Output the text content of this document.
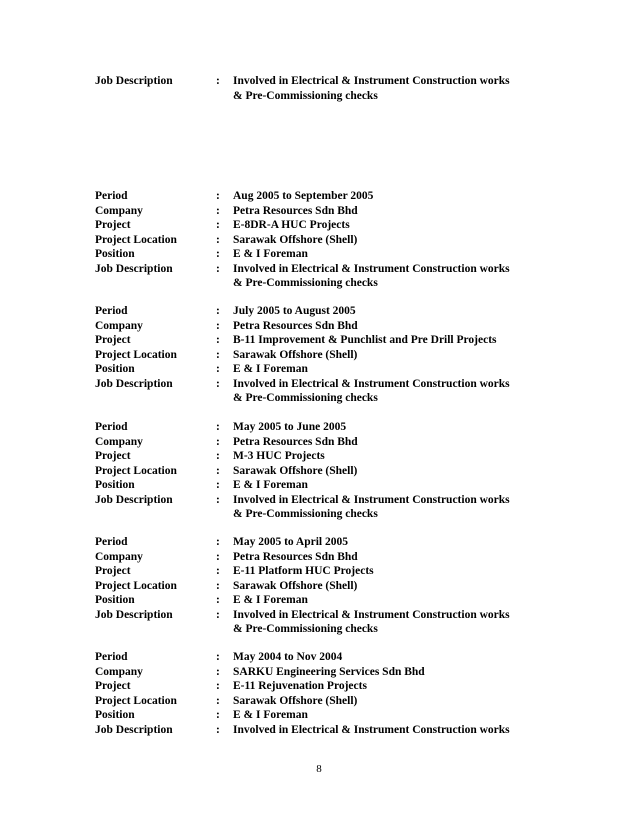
Job Description	: Involved in Electrical & Instrument Construction works
& Pre-Commissioning checks
Period	: Aug 2005 to September 2005
Company	: Petra Resources Sdn Bhd
Project	: E-8DR-A HUC Projects
Project Location	: Sarawak Offshore (Shell)
Position	: E & I Foreman
Job Description	: Involved in Electrical & Instrument Construction works
& Pre-Commissioning checks
Period	: July 2005 to August 2005
Company	: Petra Resources Sdn Bhd
Project	: B-11 Improvement & Punchlist and Pre Drill Projects
Project Location	: Sarawak Offshore (Shell)
Position	: E & I Foreman
Job Description	: Involved in Electrical & Instrument Construction works
& Pre-Commissioning checks
Period	: May 2005 to June 2005
Company	: Petra Resources Sdn Bhd
Project	: M-3 HUC Projects
Project Location	: Sarawak Offshore (Shell)
Position	: E & I Foreman
Job Description	: Involved in Electrical & Instrument Construction works
& Pre-Commissioning checks
Period	: May 2005 to April 2005
Company	: Petra Resources Sdn Bhd
Project	: E-11 Platform HUC Projects
Project Location	: Sarawak Offshore (Shell)
Position	: E & I Foreman
Job Description	: Involved in Electrical & Instrument Construction works
& Pre-Commissioning checks
Period	: May 2004 to Nov 2004
Company	: SARKU Engineering Services Sdn Bhd
Project	: E-11 Rejuvenation Projects
Project Location	: Sarawak Offshore (Shell)
Position	: E & I Foreman
Job Description	: Involved in Electrical & Instrument Construction works
8
